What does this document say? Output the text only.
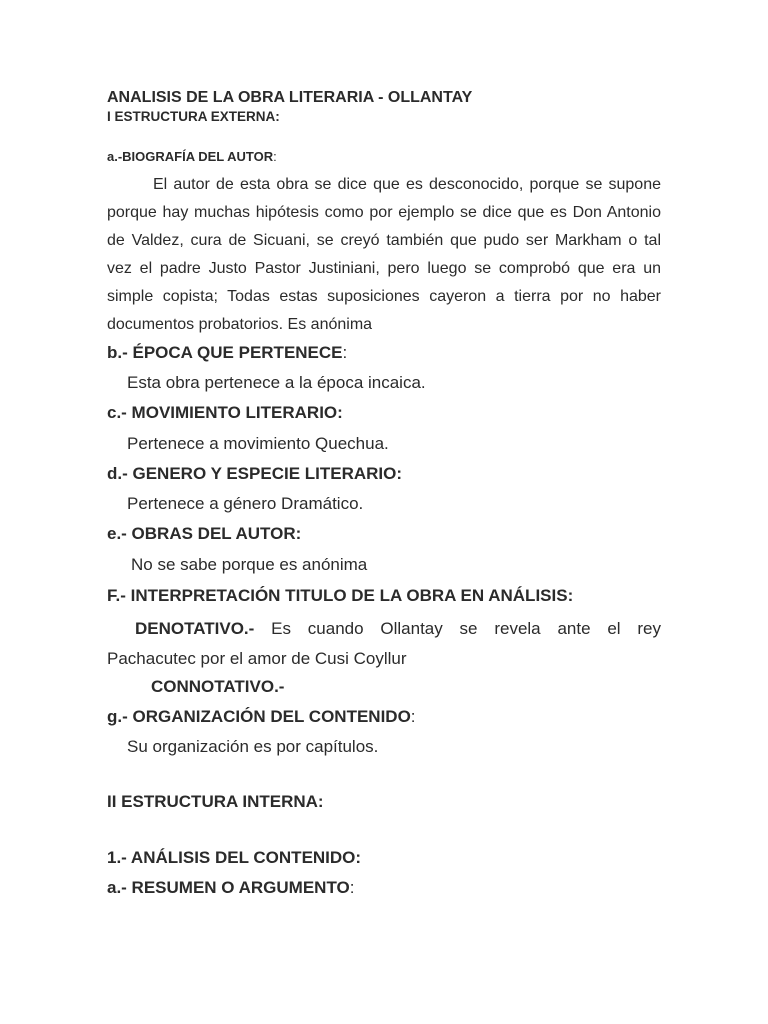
ANALISIS DE LA OBRA LITERARIA - OLLANTAY

I ESTRUCTURA EXTERNA:

a.-BIOGRAFÍA DEL AUTOR:

El autor de esta obra se dice que es desconocido, porque se supone
porque hay muchas hipótesis como por ejemplo se dice que es Don Antonio
de Valdez, cura de Sicuani, se creyó también que pudo ser Markham o tal
vez el padre Justo Pastor Justiniani, pero luego se comprobó que era un
simple copista; Todas estas suposiciones cayeron a tierra por no haber
documentos probatorios. Es anónima

b.- ÉPOCA QUE PERTENECE:

Esta obra pertenece a la época incaica.

c.- MOVIMIENTO LITERARIO:

Pertenece a movimiento Quechua.

d.- GENERO Y ESPECIE LITERARIO:

Pertenece a género Dramático.

e.- OBRAS DEL AUTOR:

No se sabe porque es anónima

F.- INTERPRETACIÓN TITULO DE LA OBRA EN ANÁLISIS:

DENOTATIVO.- Es cuando Ollantay se revela ante el rey
Pachacutec por el amor de Cusi Coyllur

CONNOTATIVO.-

g.- ORGANIZACIÓN DEL CONTENIDO:

Su organización es por capítulos.

II ESTRUCTURA INTERNA:

1.- ANÁLISIS DEL CONTENIDO:

a.- RESUMEN O ARGUMENTO:
